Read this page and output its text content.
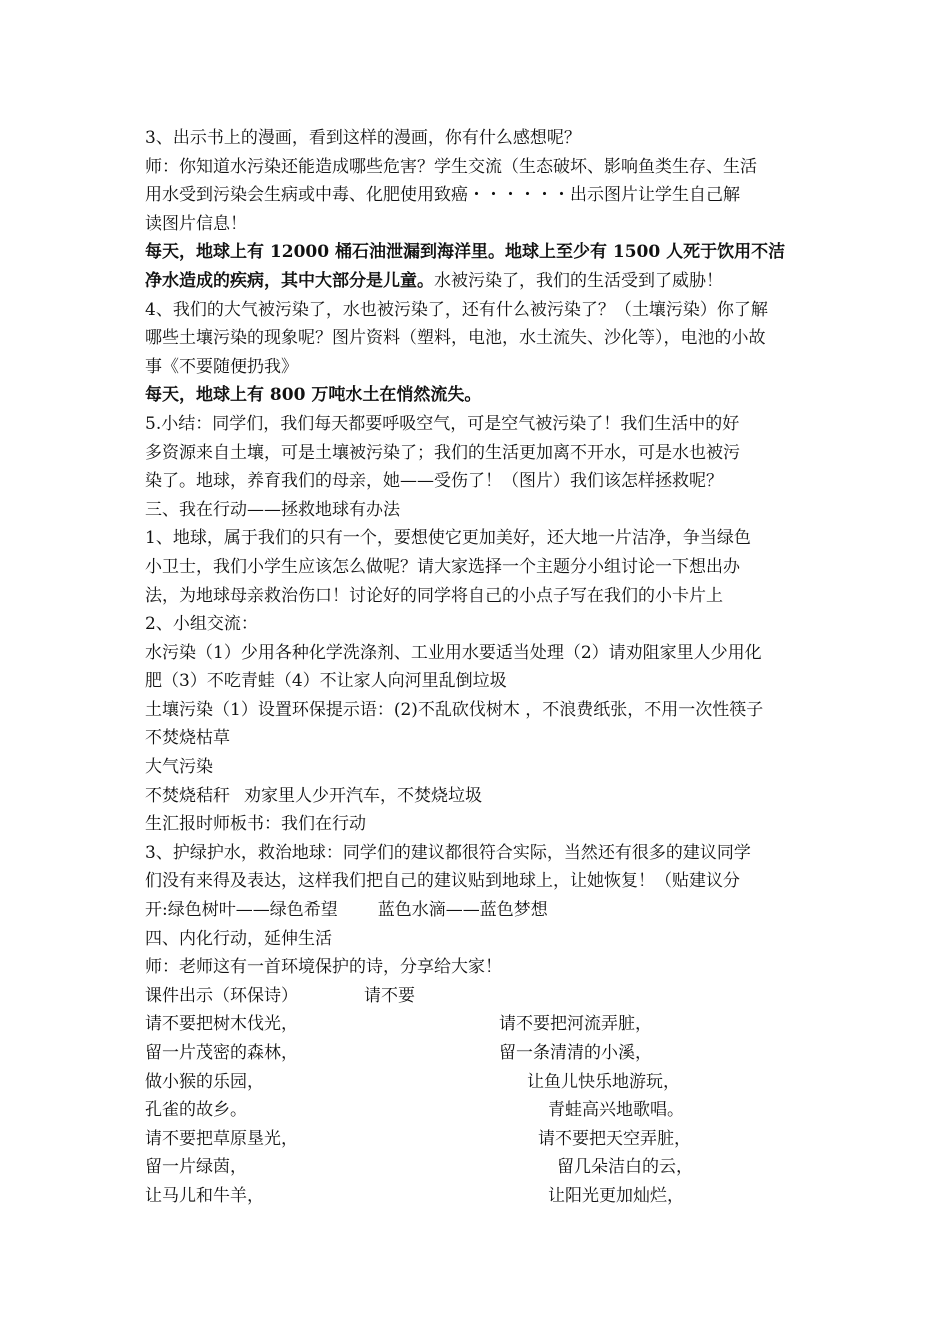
3、出示书上的漫画，看到这样的漫画，你有什么感想呢？
师：你知道水污染还能造成哪些危害？学生交流（生态破坏、影响鱼类生存、生活
用水受到污染会生病或中毒、化肥使用致癌・・・・・・出示图片让学生自己解
读图片信息！
每天，地球上有 12000 桶石油泄漏到海洋里。地球上至少有 1500 人死于饮用不洁
净水造成的疾病，其中大部分是儿童。水被污染了，我们的生活受到了威胁！
4、我们的大气被污染了，水也被污染了，还有什么被污染了？（土壤污染）你了解
哪些土壤污染的现象呢？图片资料（塑料，电池，水土流失、沙化等），电池的小故
事《不要随便扔我》
每天，地球上有 800 万吨水土在悄然流失。
5.小结：同学们，我们每天都要呼吸空气，可是空气被污染了！我们生活中的好
多资源来自土壤，可是土壤被污染了；我们的生活更加离不开水，可是水也被污
染了。地球，养育我们的母亲，她——受伤了！（图片）我们该怎样拯救呢？
三、我在行动——拯救地球有办法
1、地球，属于我们的只有一个，要想使它更加美好，还大地一片洁净，争当绿色
小卫士，我们小学生应该怎么做呢？请大家选择一个主题分小组讨论一下想出办
法，为地球母亲救治伤口！讨论好的同学将自己的小点子写在我们的小卡片上
2、小组交流：
水污染（1）少用各种化学洗涤剂、工业用水要适当处理（2）请劝阻家里人少用化
肥（3）不吃青蛙（4）不让家人向河里乱倒垃圾
土壤污染（1）设置环保提示语：(2)不乱砍伐树木 ，不浪费纸张，不用一次性筷子
不焚烧枯草
大气污染
不焚烧秸秆 劝家里人少开汽车，不焚烧垃圾
生汇报时师板书：我们在行动
3、护绿护水，救治地球：同学们的建议都很符合实际，当然还有很多的建议同学
们没有来得及表达，这样我们把自己的建议贴到地球上，让她恢复！（贴建议分
开:绿色树叶——绿色希望 蓝色水滴——蓝色梦想
四、内化行动，延伸生活
师：老师这有一首环境保护的诗，分享给大家！
课件出示（环保诗）	请不要
请不要把树木伐光，	请不要把河流弄脏，
留一片茂密的森林，	留一条清清的小溪，
做小猴的乐园，	让鱼儿快乐地游玩，
孔雀的故乡。	青蛙高兴地歌唱。
请不要把草原垦光，	请不要把天空弄脏，
留一片绿茵，	留几朵洁白的云，
让马儿和牛羊，	让阳光更加灿烂，
